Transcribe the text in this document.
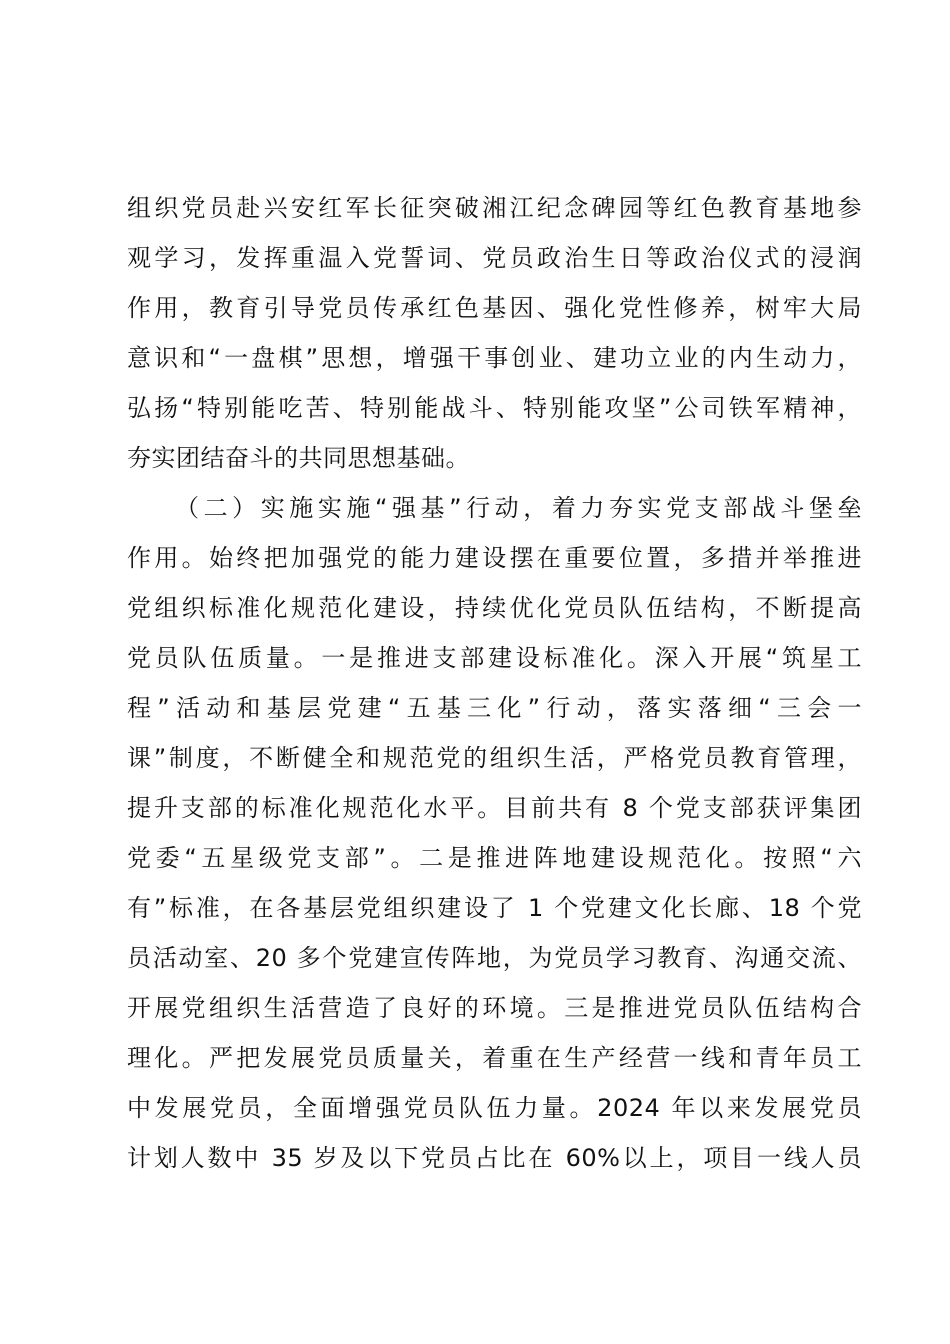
组织党员赴兴安红军长征突破湘江纪念碑园等红色教育基地参
观学习，发挥重温入党誓词、党员政治生日等政治仪式的浸润
作用，教育引导党员传承红色基因、强化党性修养，树牢大局
意识和“一盘棋”思想，增强干事创业、建功立业的内生动力，
弘扬“特别能吃苦、特别能战斗、特别能攻坚”公司铁军精神，
夯实团结奋斗的共同思想基础。
（二）实施实施“强基”行动，着力夯实党支部战斗堡垒
作用。始终把加强党的能力建设摆在重要位置，多措并举推进
党组织标准化规范化建设，持续优化党员队伍结构，不断提高
党员队伍质量。一是推进支部建设标准化。深入开展“筑星工
程”活动和基层党建“五基三化”行动，落实落细“三会一
课”制度，不断健全和规范党的组织生活，严格党员教育管理，
提升支部的标准化规范化水平。目前共有 8 个党支部获评集团
党委“五星级党支部”。二是推进阵地建设规范化。按照“六
有”标准，在各基层党组织建设了 1 个党建文化长廊、18 个党
员活动室、20 多个党建宣传阵地，为党员学习教育、沟通交流、
开展党组织生活营造了良好的环境。三是推进党员队伍结构合
理化。严把发展党员质量关，着重在生产经营一线和青年员工
中发展党员，全面增强党员队伍力量。2024 年以来发展党员
计划人数中 35 岁及以下党员占比在 60%以上，项目一线人员
